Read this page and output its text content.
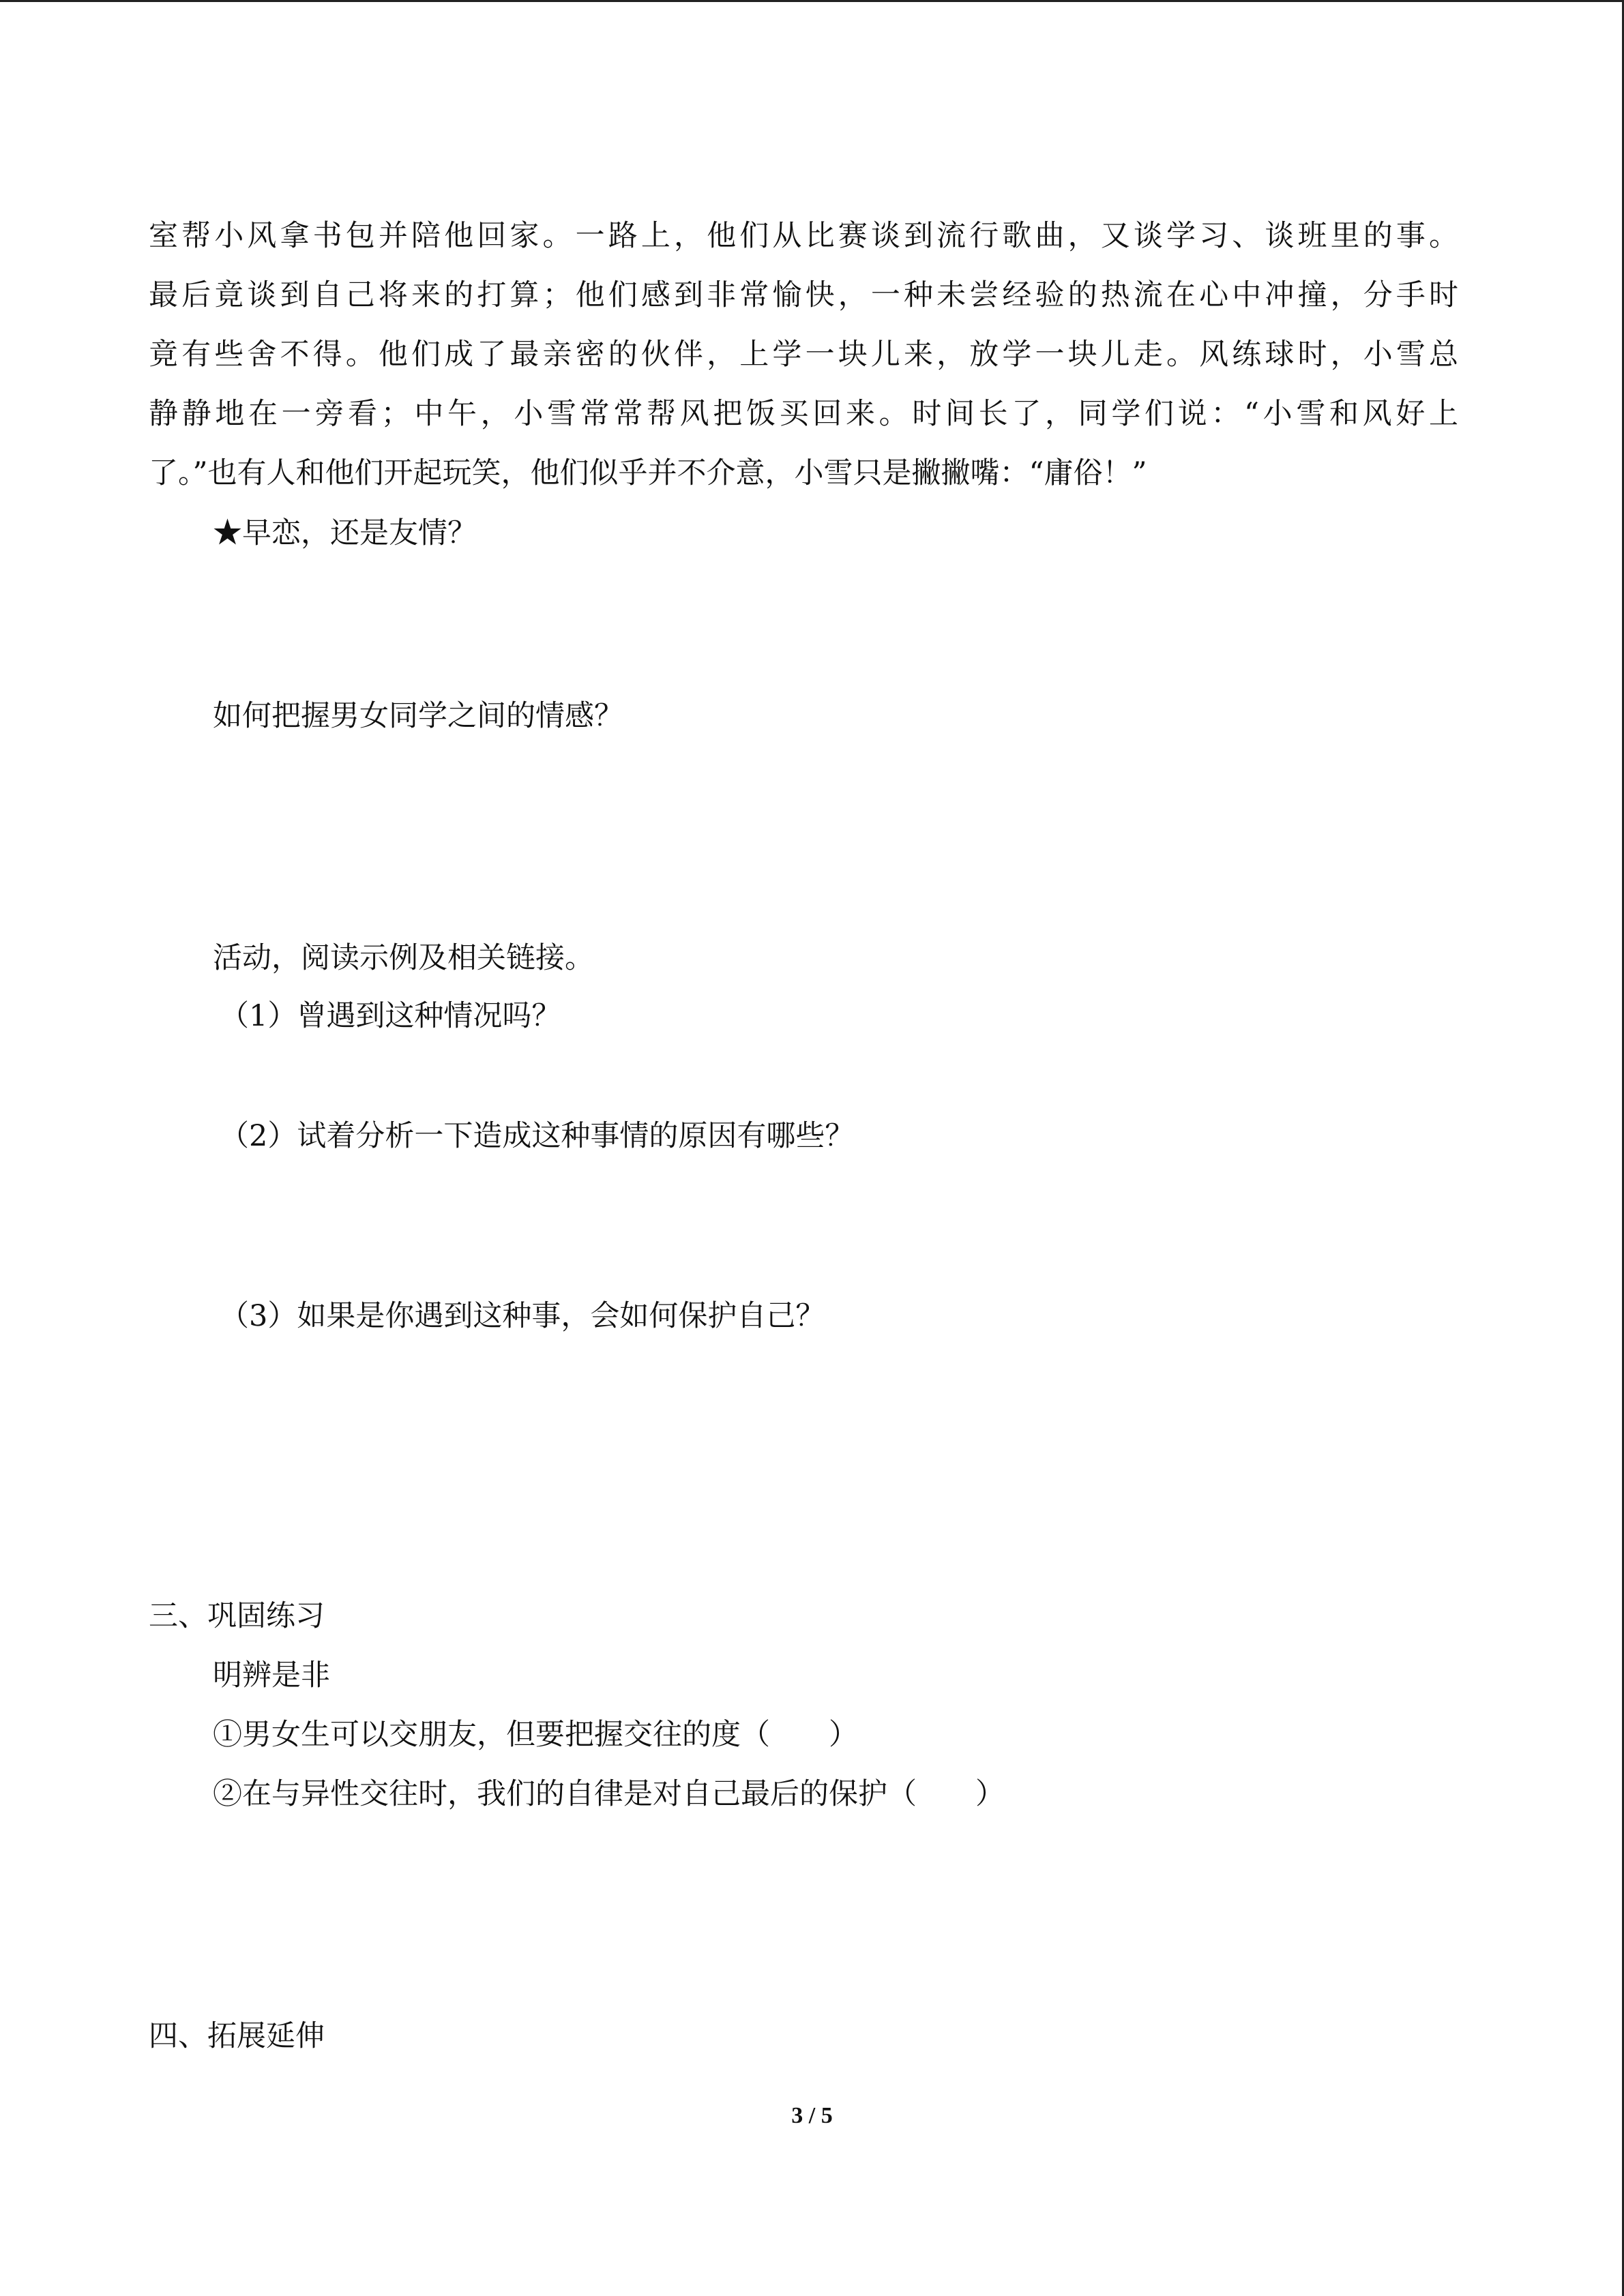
室帮小风拿书包并陪他回家。一路上，他们从比赛谈到流行歌曲，又谈学习、谈班里的事。
最后竟谈到自己将来的打算；他们感到非常愉快，一种未尝经验的热流在心中冲撞，分手时
竟有些舍不得。他们成了最亲密的伙伴，上学一块儿来，放学一块儿走。风练球时，小雪总
静静地在一旁看；中午，小雪常常帮风把饭买回来。时间长了，同学们说：“小雪和风好上
了。”也有人和他们开起玩笑，他们似乎并不介意，小雪只是撇撇嘴：“庸俗！”
★早恋，还是友情？
如何把握男女同学之间的情感？
活动，阅读示例及相关链接。
（1）曾遇到这种情况吗？
（2）试着分析一下造成这种事情的原因有哪些？
（3）如果是你遇到这种事，会如何保护自己？
三、巩固练习
明辨是非
①男女生可以交朋友，但要把握交往的度（　　）
②在与异性交往时，我们的自律是对自己最后的保护（　　）
四、拓展延伸
3 / 5
